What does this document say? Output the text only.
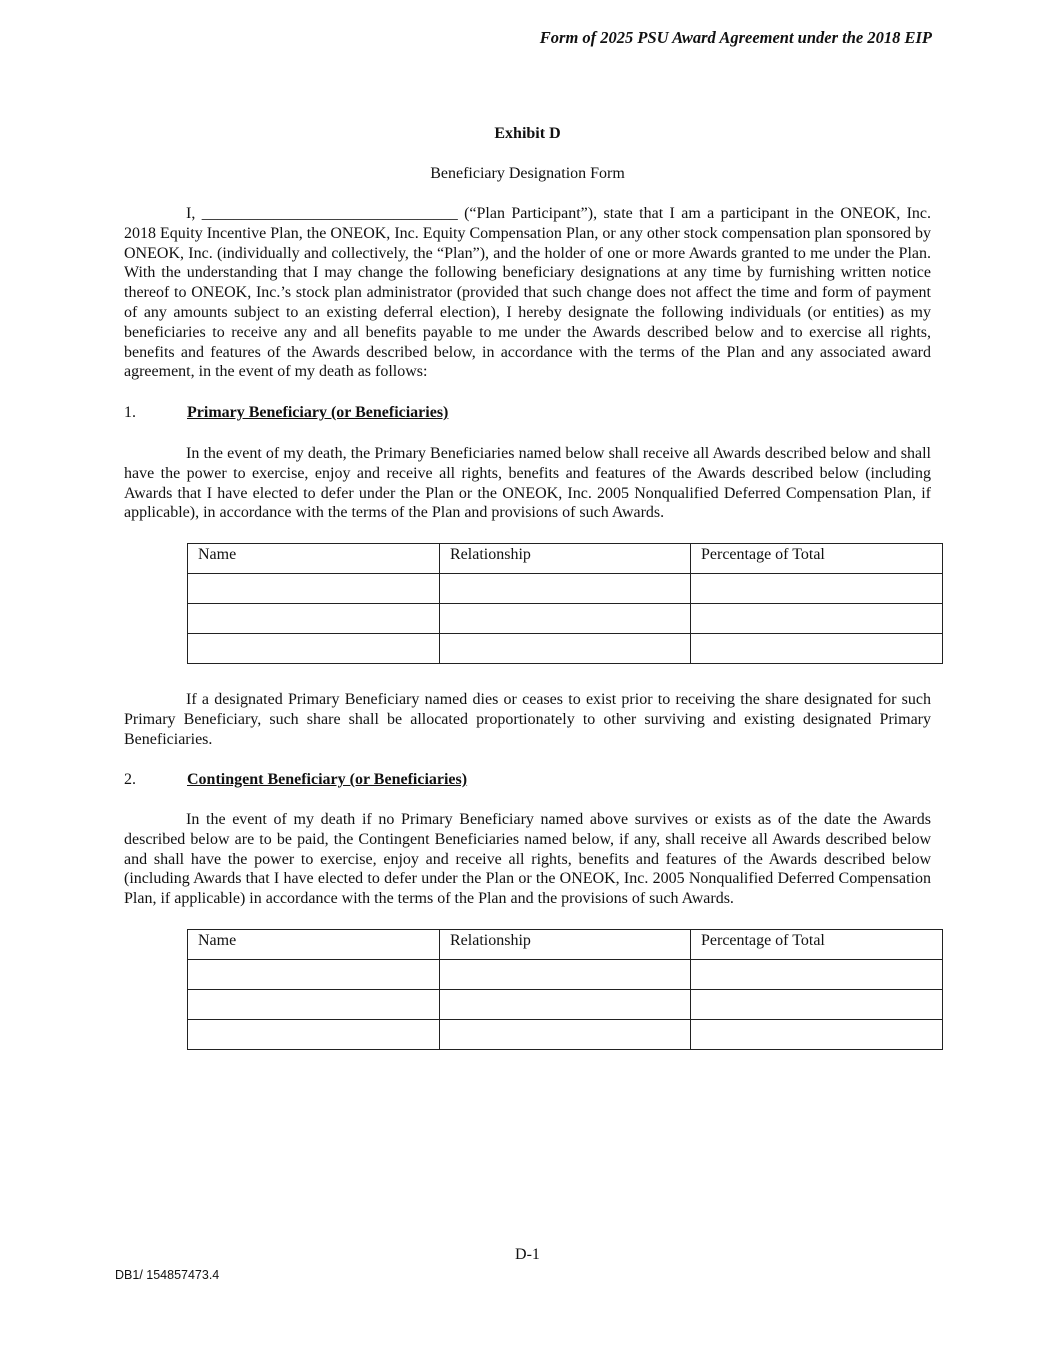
Form of 2025 PSU Award Agreement under the 2018 EIP
Exhibit D
Beneficiary Designation Form
I, ________________________________ (“Plan Participant”), state that I am a participant in the ONEOK, Inc. 2018 Equity Incentive Plan, the ONEOK, Inc. Equity Compensation Plan, or any other stock compensation plan sponsored by ONEOK, Inc. (individually and collectively, the “Plan”), and the holder of one or more Awards granted to me under the Plan. With the understanding that I may change the following beneficiary designations at any time by furnishing written notice thereof to ONEOK, Inc.’s stock plan administrator (provided that such change does not affect the time and form of payment of any amounts subject to an existing deferral election), I hereby designate the following individuals (or entities) as my beneficiaries to receive any and all benefits payable to me under the Awards described below and to exercise all rights, benefits and features of the Awards described below, in accordance with the terms of the Plan and any associated award agreement, in the event of my death as follows:
1.	Primary Beneficiary (or Beneficiaries)
In the event of my death, the Primary Beneficiaries named below shall receive all Awards described below and shall have the power to exercise, enjoy and receive all rights, benefits and features of the Awards described below (including Awards that I have elected to defer under the Plan or the ONEOK, Inc. 2005 Nonqualified Deferred Compensation Plan, if applicable), in accordance with the terms of the Plan and provisions of such Awards.
Name	Relationship	Percentage of Total

If a designated Primary Beneficiary named dies or ceases to exist prior to receiving the share designated for such Primary Beneficiary, such share shall be allocated proportionately to other surviving and existing designated Primary Beneficiaries.
2.	Contingent Beneficiary (or Beneficiaries)
In the event of my death if no Primary Beneficiary named above survives or exists as of the date the Awards described below are to be paid, the Contingent Beneficiaries named below, if any, shall receive all Awards described below and shall have the power to exercise, enjoy and receive all rights, benefits and features of the Awards described below (including Awards that I have elected to defer under the Plan or the ONEOK, Inc. 2005 Nonqualified Deferred Compensation Plan, if applicable) in accordance with the terms of the Plan and the provisions of such Awards.
Name	Relationship	Percentage of Total

D-1
DB1/ 154857473.4
